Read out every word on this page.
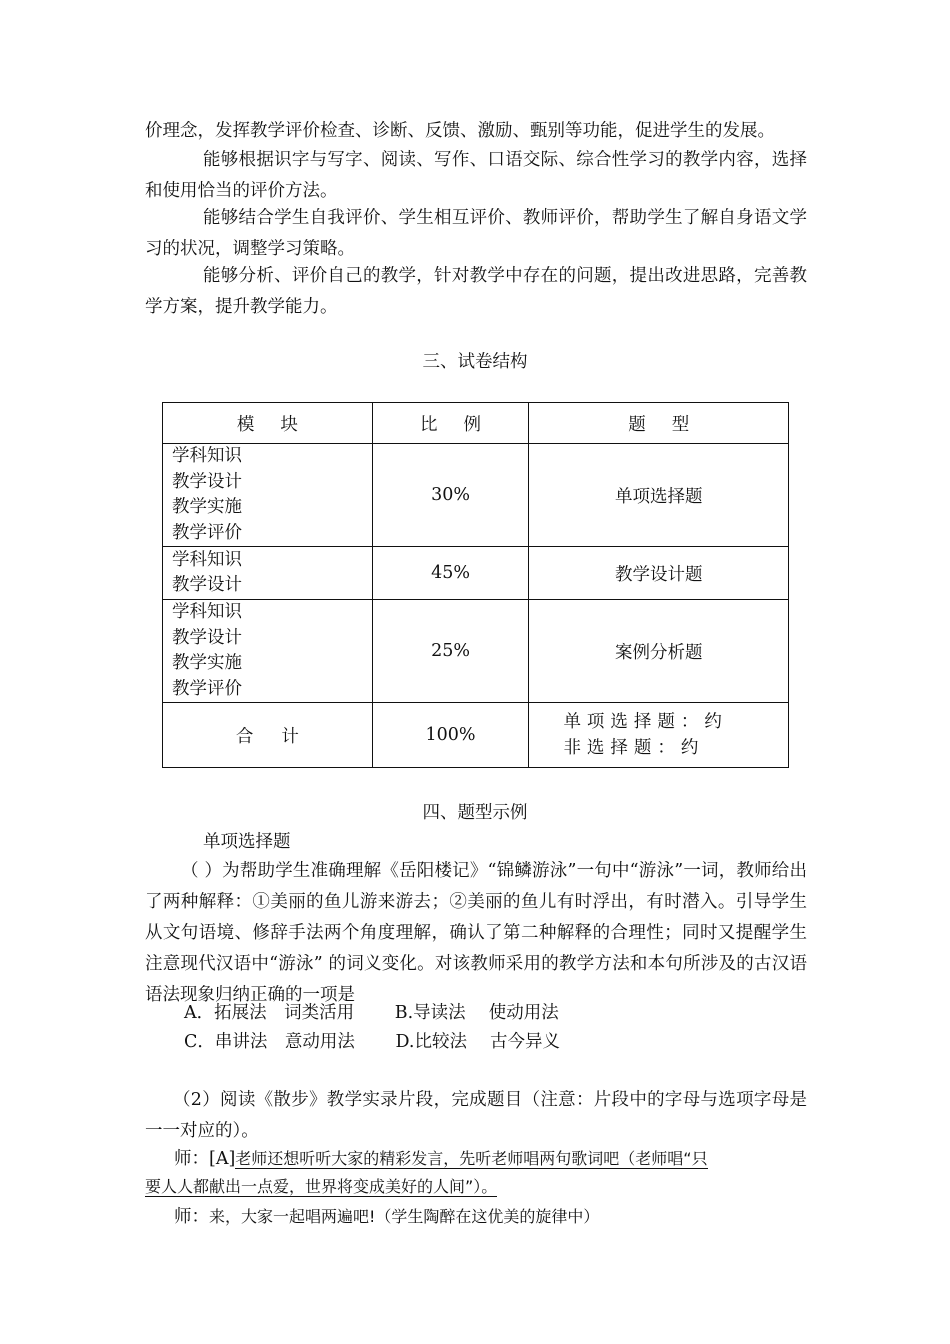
价理念，发挥教学评价检查、诊断、反馈、激励、甄别等功能，促进学生的发展。

能够根据识字与写字、阅读、写作、口语交际、综合性学习的教学内容，选择和使用恰当的评价方法。

能够结合学生自我评价、学生相互评价、教师评价，帮助学生了解自身语文学习的状况，调整学习策略。

能够分析、评价自己的教学，针对教学中存在的问题，提出改进思路，完善教学方案，提升教学能力。

三、试卷结构

模块	比例	题型

学科知识
教学设计
教学实施
教学评价	30%	单项选择题

学科知识
教学设计	45%	教学设计题

学科知识
教学设计
教学实施
教学评价	25%	案例分析题
合计	100%	单项选择题：约
非选择题：约

四、题型示例

单项选择题

（ ）为帮助学生准确理解《岳阳楼记》“锦鳞游泳”一句中“游泳”一词，教师给出了两种解释：①美丽的鱼儿游来游去；②美丽的鱼儿有时浮出，有时潜入。引导学生从文句语境、修辞手法两个角度理解，确认了第二种解释的合理性；同时又提醒学生注意现代汉语中“游泳” 的词义变化。对该教师采用的教学方法和本句所涉及的古汉语语法现象归纳正确的一项是

A．拓展法　词类活用　　 B.导读法　 使动用法

C．串讲法　意动用法　　 D.比较法　 古今异义

（2）阅读《散步》教学实录片段，完成题目（注意：片段中的字母与选项字母是一一对应的）。

师：[A]老师还想听听大家的精彩发言，先听老师唱两句歌词吧（老师唱“只

要人人都献出一点爱，世界将变成美好的人间”）。

师：来，大家一起唱两遍吧!（学生陶醉在这优美的旋律中）
